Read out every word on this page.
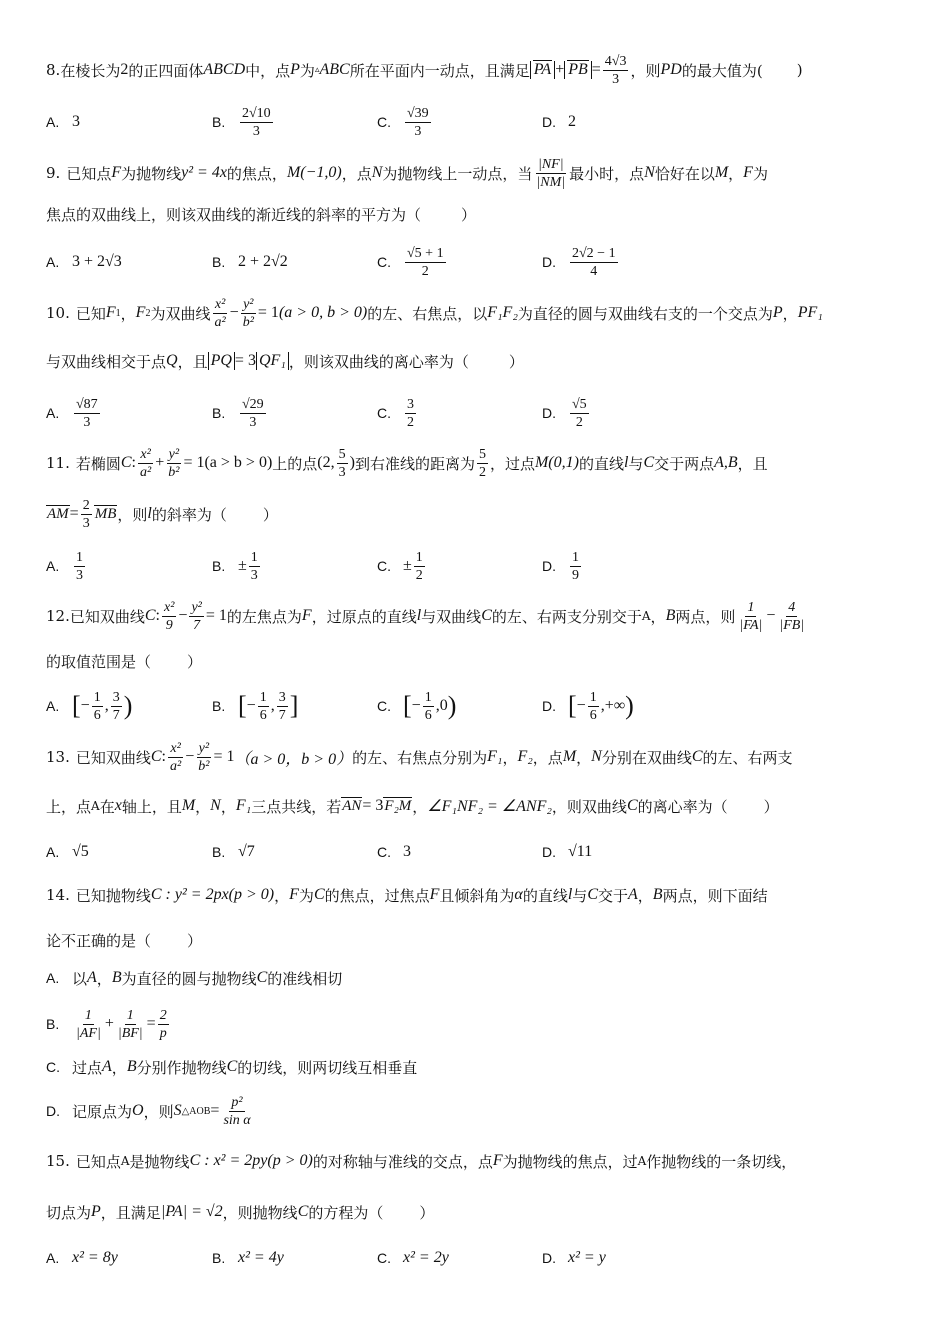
8. 在棱长为 2 的正四面体 ABCD 中，点 P 为 ▵ ABC 所在平面内一动点，且满足 PA + PB = $\frac{4√3}{3}$ ，则 PD 的最大值为( )
A. 3	B.	$\frac{2√10}{3}$	C.	$\frac{√39}{3}$	D. 2
9. 已知点 F 为抛物线 y² = 4x 的焦点， M(−1,0) ，点 N 为抛物线上一动点，当 $\frac{|NF|}{|NM|}$ 最小时，点 N 恰好在以 M ， F 为
焦点的双曲线上，则该双曲线的渐近线的斜率的平方为（	）
A. 3 + 2√3	B. 2 + 2√2	C.	$\frac{√5 + 1}{2}$	D.	$\frac{2√2 - 1}{4}$
10. 已知 F 1 ， F 2 为双曲线 $\frac{\text{x²}}{\text{a²}} - \frac{\text{y²}}{\text{b²}} = 1$ (a > 0, b > 0) 的左、右焦点，以 F₁F₂ 为直径的圆与双曲线右支的一个交点为 P ， PF₁
与双曲线相交于点 Q ，且 PQ = 3 QF₁ ，则该双曲线的离心率为（	）
A.	$\frac{√87}{3}$	B.	$\frac{√29}{3}$	C.	$\frac{3}{2}$	D.	$\frac{√5}{2}$
11. 若椭圆 C : $\frac{\text{x²}}{\text{a²}} + \frac{\text{y²}}{\text{b²}} = 1(a > b > 0)$ 上的点 (2, $\frac{5}{3}$ ) 到右准线的距离为 $\frac{5}{2}$ ，过点 M(0,1) 的直线 l 与 C 交于两点 A,B ，且
AM = $\frac{2}{3}$ MB ，则 l 的斜率为（ ）
A.	$\frac{1}{3}$	B. ± $\frac{1}{3}$	C. ± $\frac{1}{2}$	D.	$\frac{1}{9}$
12. 已知双曲线 C : $\frac{\text{x²}}{9} - \frac{\text{y²}}{7} = 1$ 的左焦点为 F ，过原点的直线 l 与双曲线 C 的左、右两支分别交于 A ， B 两点，则 $\frac{1}{|FA|} - \frac{4}{|FB|}$
的取值范围是（ ）
A. [ − $\frac{1}{6}$ , $\frac{3}{7}$ )	B. [ − $\frac{1}{6}$ , $\frac{3}{7}$ ]	C. [ − $\frac{1}{6} ,0$ )	D. [ − $\frac{1}{6}$ ,+∞ )
13. 已知双曲线 C : $\frac{\text{x²}}{\text{a²}} - \frac{\text{y²}}{\text{b²}} = 1$ （a > 0，b > 0） 的左、右焦点分别为 F₁ ， F₂ ，点 M ， N 分别在双曲线 C 的左、右两支
上，点 A 在 x 轴上，且 M ， N ， F₁ 三点共线，若 AN = 3 F₂M ， ∠F₁NF₂ = ∠ANF₂ ，则双曲线 C 的离心率为（ ）
A. √5	B. √7	C. 3	D. √11
14. 已知抛物线 C : y² = 2px(p > 0) ， F 为 C 的焦点，过焦点 F 且倾斜角为 α 的直线 l 与 C 交于 A ， B 两点，则下面结
论不正确的是（ ）
A. 以 A ， B 为直径的圆与抛物线 C 的准线相切
B.	$\frac{1}{|AF|} + \frac{1}{|BF|} = \frac{2}{p}$
C. 过点 A ， B 分别作抛物线 C 的切线，则两切线互相垂直
D. 记原点为 O ，则 S △AOB = $\frac{\text{p²}}{\text{sin α}}$
15. 已知点 A 是抛物线 C : x² = 2py(p > 0) 的对称轴与准线的交点，点 F 为抛物线的焦点，过 A 作抛物线的一条切线，
切点为 P ，且满足 |PA| = √2 ，则抛物线 C 的方程为（ ）
A. x² = 8y	B. x² = 4y	C. x² = 2y	D. x² = y
